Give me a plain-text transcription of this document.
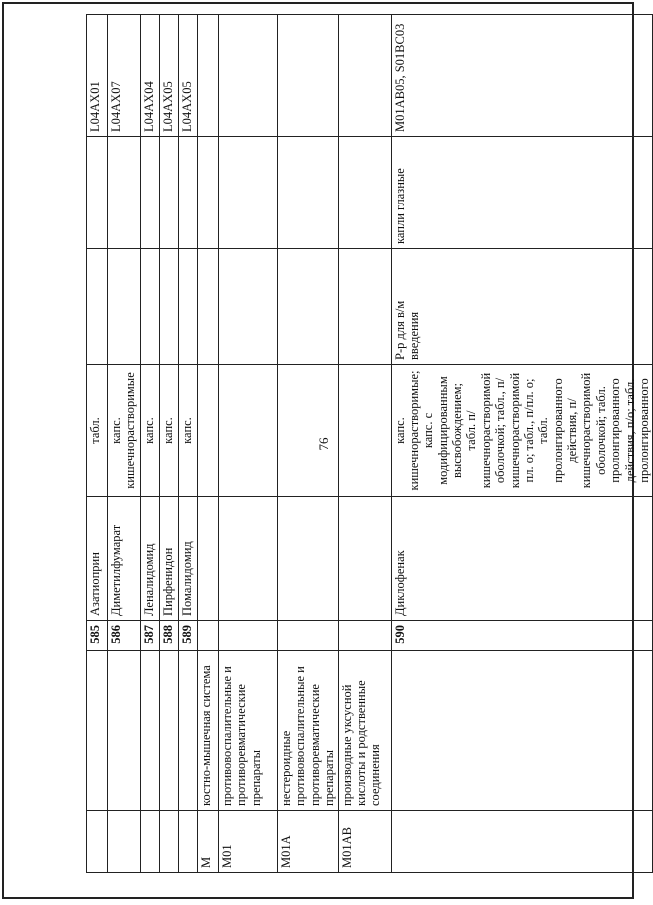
76
		585	Азатиоприн	табл.			L04AX01
		586	Диметилфумарат	капс. кишечнорастворимые			L04AX07
		587	Леналидомид	капс.			L04AX04
		588	Пирфенидон	капс.			L04AX05
		589	Помалидомид	капс.			L04AX05
M	костно-мышечная система						
M01	противовоспалительные и противоревматические препараты						
M01A	нестероидные противовоспалительные и противоревматические препараты						
M01AB	производные уксусной кислоты и родственные соединения						
		590	Диклофенак	капс. кишечнорастворимые; капс. с модифицированным высвобождением; табл. п/кишечнорастворимой оболочкой; табл., п/кишечнорастворимой пл. о; табл., п/пл. о; табл. пролонгированного действия, п/кишечнорастворимой оболочкой; табл. пролонгированного действия, п/о; табл. пролонгированного	Р-р для в/м введения	капли глазные	M01AB05, S01BC03
